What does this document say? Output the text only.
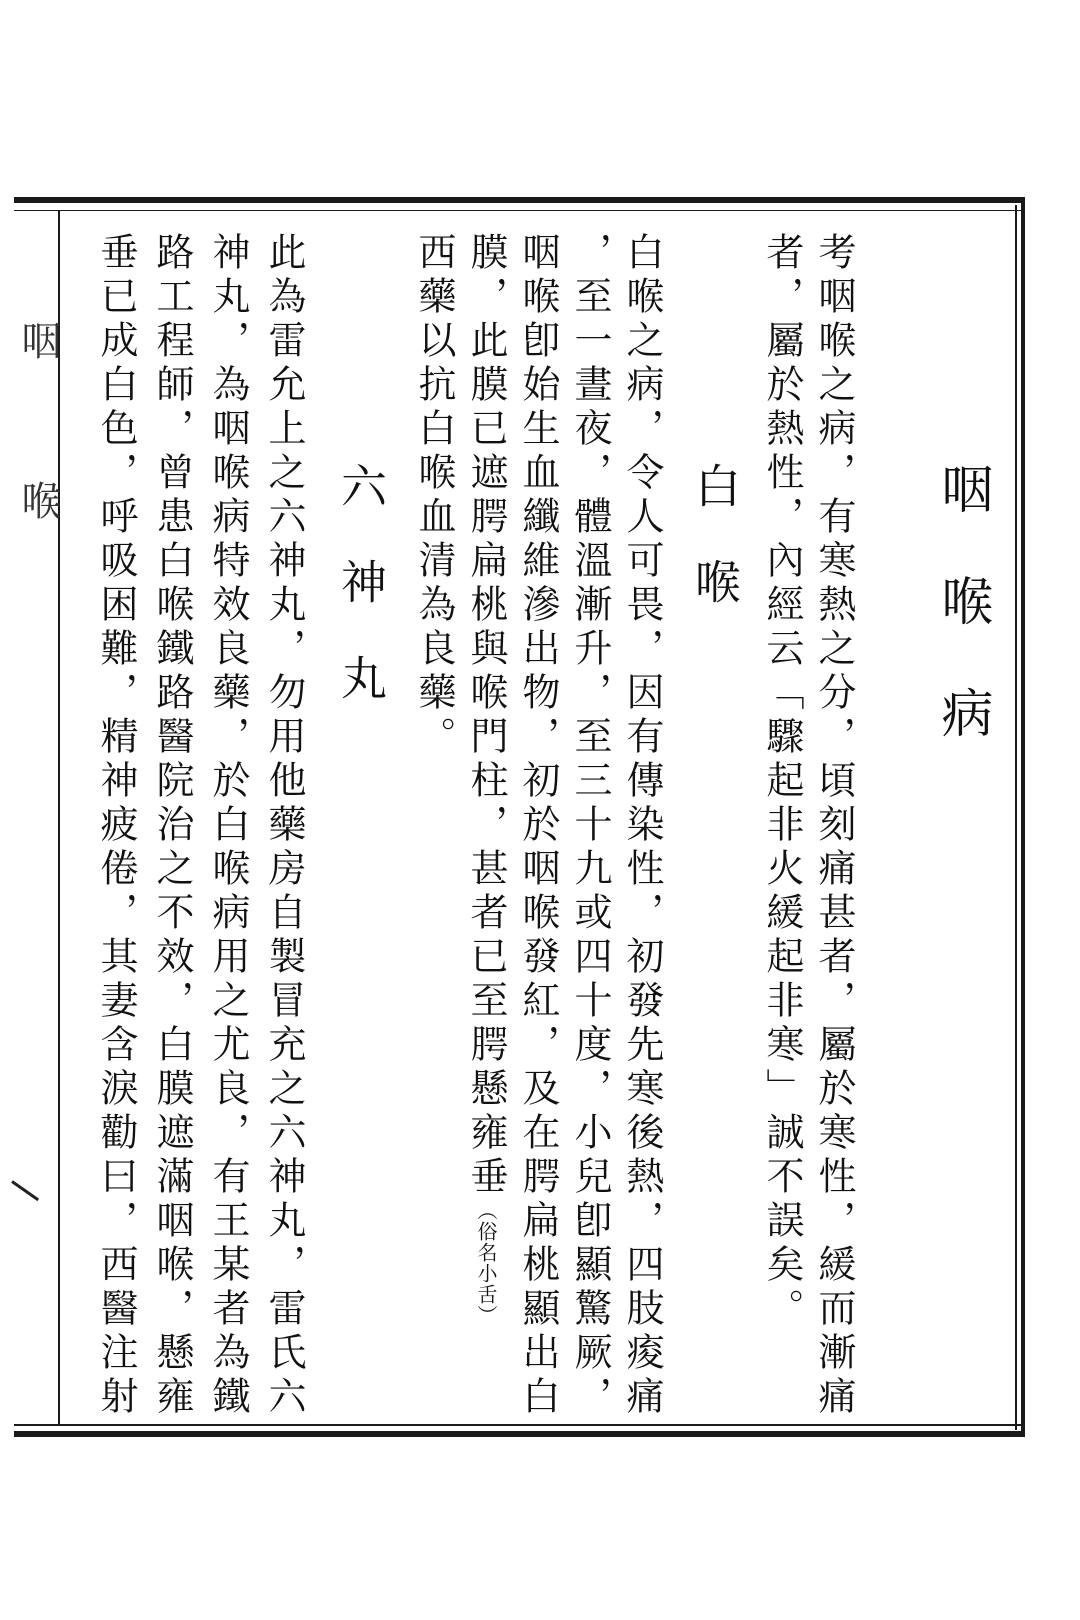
咽喉	咽喉病
考咽喉之病，有寒熱之分，頃刻痛甚者，屬於寒性，緩而漸痛
者，屬於熱性，內經云「驟起非火緩起非寒」誠不誤矣。
白喉
白喉之病，令人可畏，因有傳染性，初發先寒後熱，四肢痠痛
，至一晝夜，體溫漸升，至三十九或四十度，小兒卽顯驚厥，
咽喉卽始生血纖維滲出物，初於咽喉發紅，及在腭扁桃顯出白
膜，此膜已遮腭扁桃與喉門柱，甚者已至腭懸雍垂（俗名小舌）
西藥以抗白喉血清為良藥。
六神丸
此為雷允上之六神丸，勿用他藥房自製冒充之六神丸，雷氏六
神丸，為咽喉病特效良藥，於白喉病用之尤良，有王某者為鐵
路工程師，曾患白喉鐵路醫院治之不效，白膜遮滿咽喉，懸雍
垂已成白色，呼吸困難，精神疲倦，其妻含淚勸曰，西醫注射
